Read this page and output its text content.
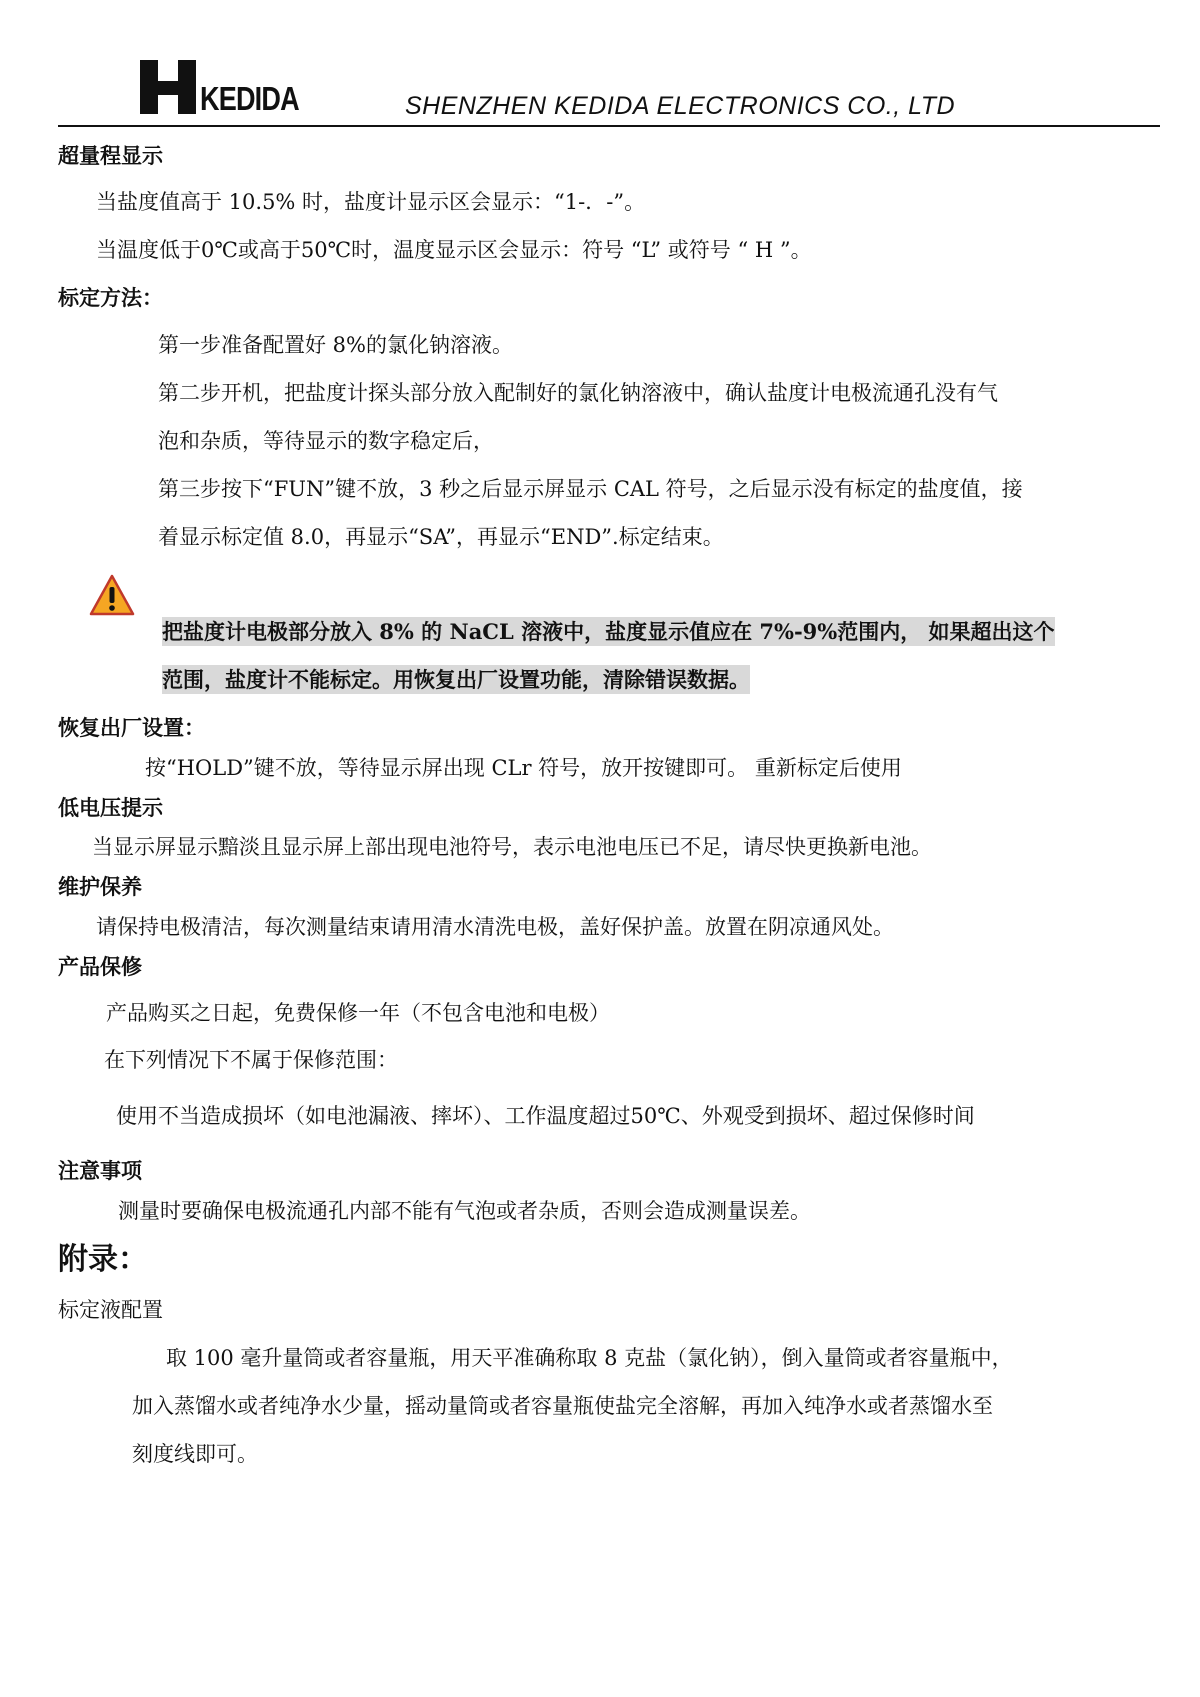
KEDIDA	SHENZHEN KEDIDA ELECTRONICS CO., LTD
超量程显示
当盐度值高于 10.5% 时，盐度计显示区会显示：“1-．-”。
当温度低于0℃或高于50℃时，温度显示区会显示：符号 “L” 或符号 “ H ”。
标定方法：
第一步准备配置好 8%的氯化钠溶液。
第二步开机，把盐度计探头部分放入配制好的氯化钠溶液中，确认盐度计电极流通孔没有气
泡和杂质，等待显示的数字稳定后，
第三步按下“FUN”键不放，3 秒之后显示屏显示 CAL 符号，之后显示没有标定的盐度值，接
着显示标定值 8.0，再显示“SA”，再显示“END”.标定结束。
把盐度计电极部分放入 8% 的 NaCL 溶液中，盐度显示值应在 7%-9%范围内， 如果超出这个
范围，盐度计不能标定。用恢复出厂设置功能，清除错误数据。
恢复出厂设置：
按“HOLD”键不放，等待显示屏出现 CLr 符号，放开按键即可。 重新标定后使用
低电压提示
当显示屏显示黯淡且显示屏上部出现电池符号，表示电池电压已不足，请尽快更换新电池。
维护保养
请保持电极清洁，每次测量结束请用清水清洗电极，盖好保护盖。放置在阴凉通风处。
产品保修
产品购买之日起，免费保修一年（不包含电池和电极）
在下列情况下不属于保修范围：
使用不当造成损坏（如电池漏液、摔坏）、工作温度超过50℃、外观受到损坏、超过保修时间
注意事项
测量时要确保电极流通孔内部不能有气泡或者杂质，否则会造成测量误差。
附录：
标定液配置
取 100 毫升量筒或者容量瓶，用天平准确称取 8 克盐（氯化钠），倒入量筒或者容量瓶中，
加入蒸馏水或者纯净水少量，摇动量筒或者容量瓶使盐完全溶解，再加入纯净水或者蒸馏水至
刻度线即可。
